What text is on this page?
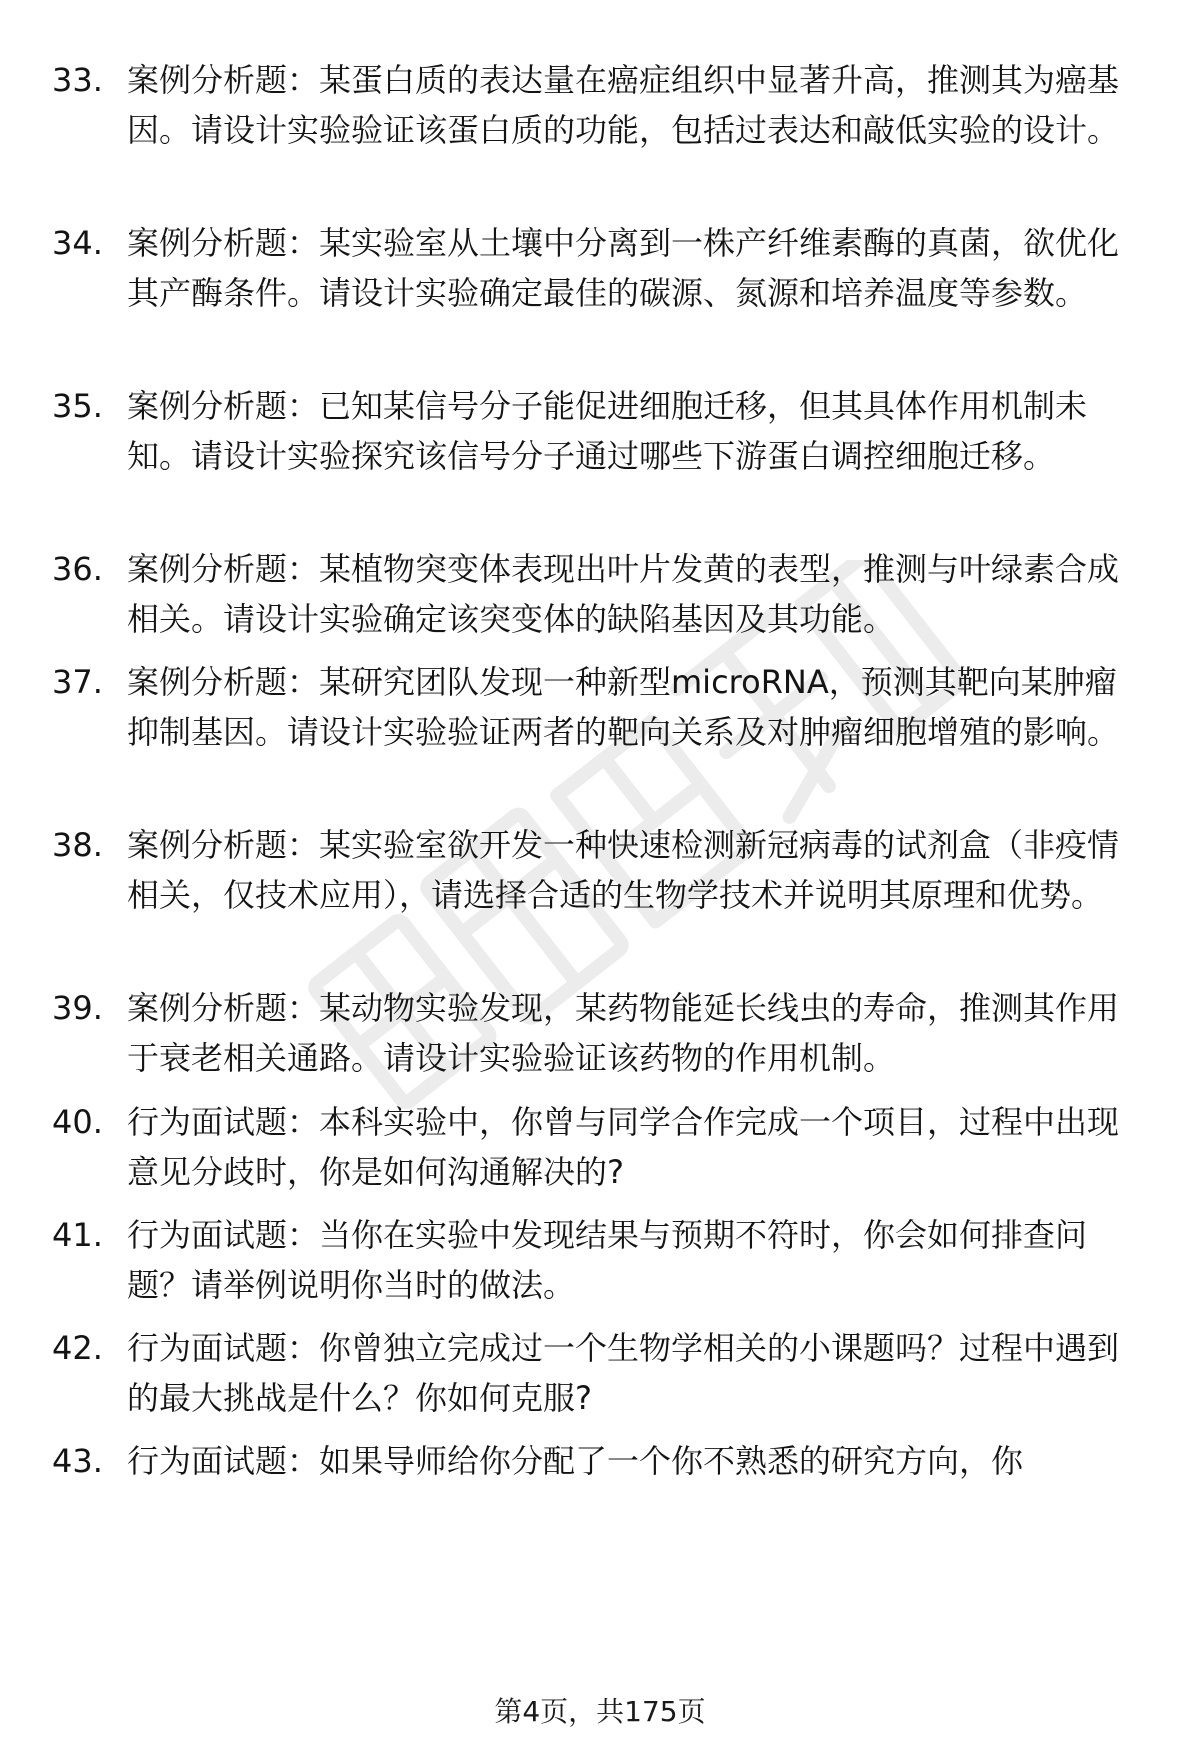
33. 案例分析题：某蛋白质的表达量在癌症组织中显著升高，推测其为癌基因。请设计实验验证该蛋白质的功能，包括过表达和敲低实验的设计。
34. 案例分析题：某实验室从土壤中分离到一株产纤维素酶的真菌，欲优化其产酶条件。请设计实验确定最佳的碳源、氮源和培养温度等参数。
35. 案例分析题：已知某信号分子能促进细胞迁移，但其具体作用机制未知。请设计实验探究该信号分子通过哪些下游蛋白调控细胞迁移。
36. 案例分析题：某植物突变体表现出叶片发黄的表型，推测与叶绿素合成相关。请设计实验确定该突变体的缺陷基因及其功能。
37. 案例分析题：某研究团队发现一种新型microRNA，预测其靶向某肿瘤抑制基因。请设计实验验证两者的靶向关系及对肿瘤细胞增殖的影响。
38. 案例分析题：某实验室欲开发一种快速检测新冠病毒的试剂盒（非疫情相关，仅技术应用），请选择合适的生物学技术并说明其原理和优势。
39. 案例分析题：某动物实验发现，某药物能延长线虫的寿命，推测其作用于衰老相关通路。请设计实验验证该药物的作用机制。
40. 行为面试题：本科实验中，你曾与同学合作完成一个项目，过程中出现意见分歧时，你是如何沟通解决的?
41. 行为面试题：当你在实验中发现结果与预期不符时，你会如何排查问题？请举例说明你当时的做法。
42. 行为面试题：你曾独立完成过一个生物学相关的小课题吗？过程中遇到的最大挑战是什么？你如何克服?
43. 行为面试题：如果导师给你分配了一个你不熟悉的研究方向，你
第4页，共175页
